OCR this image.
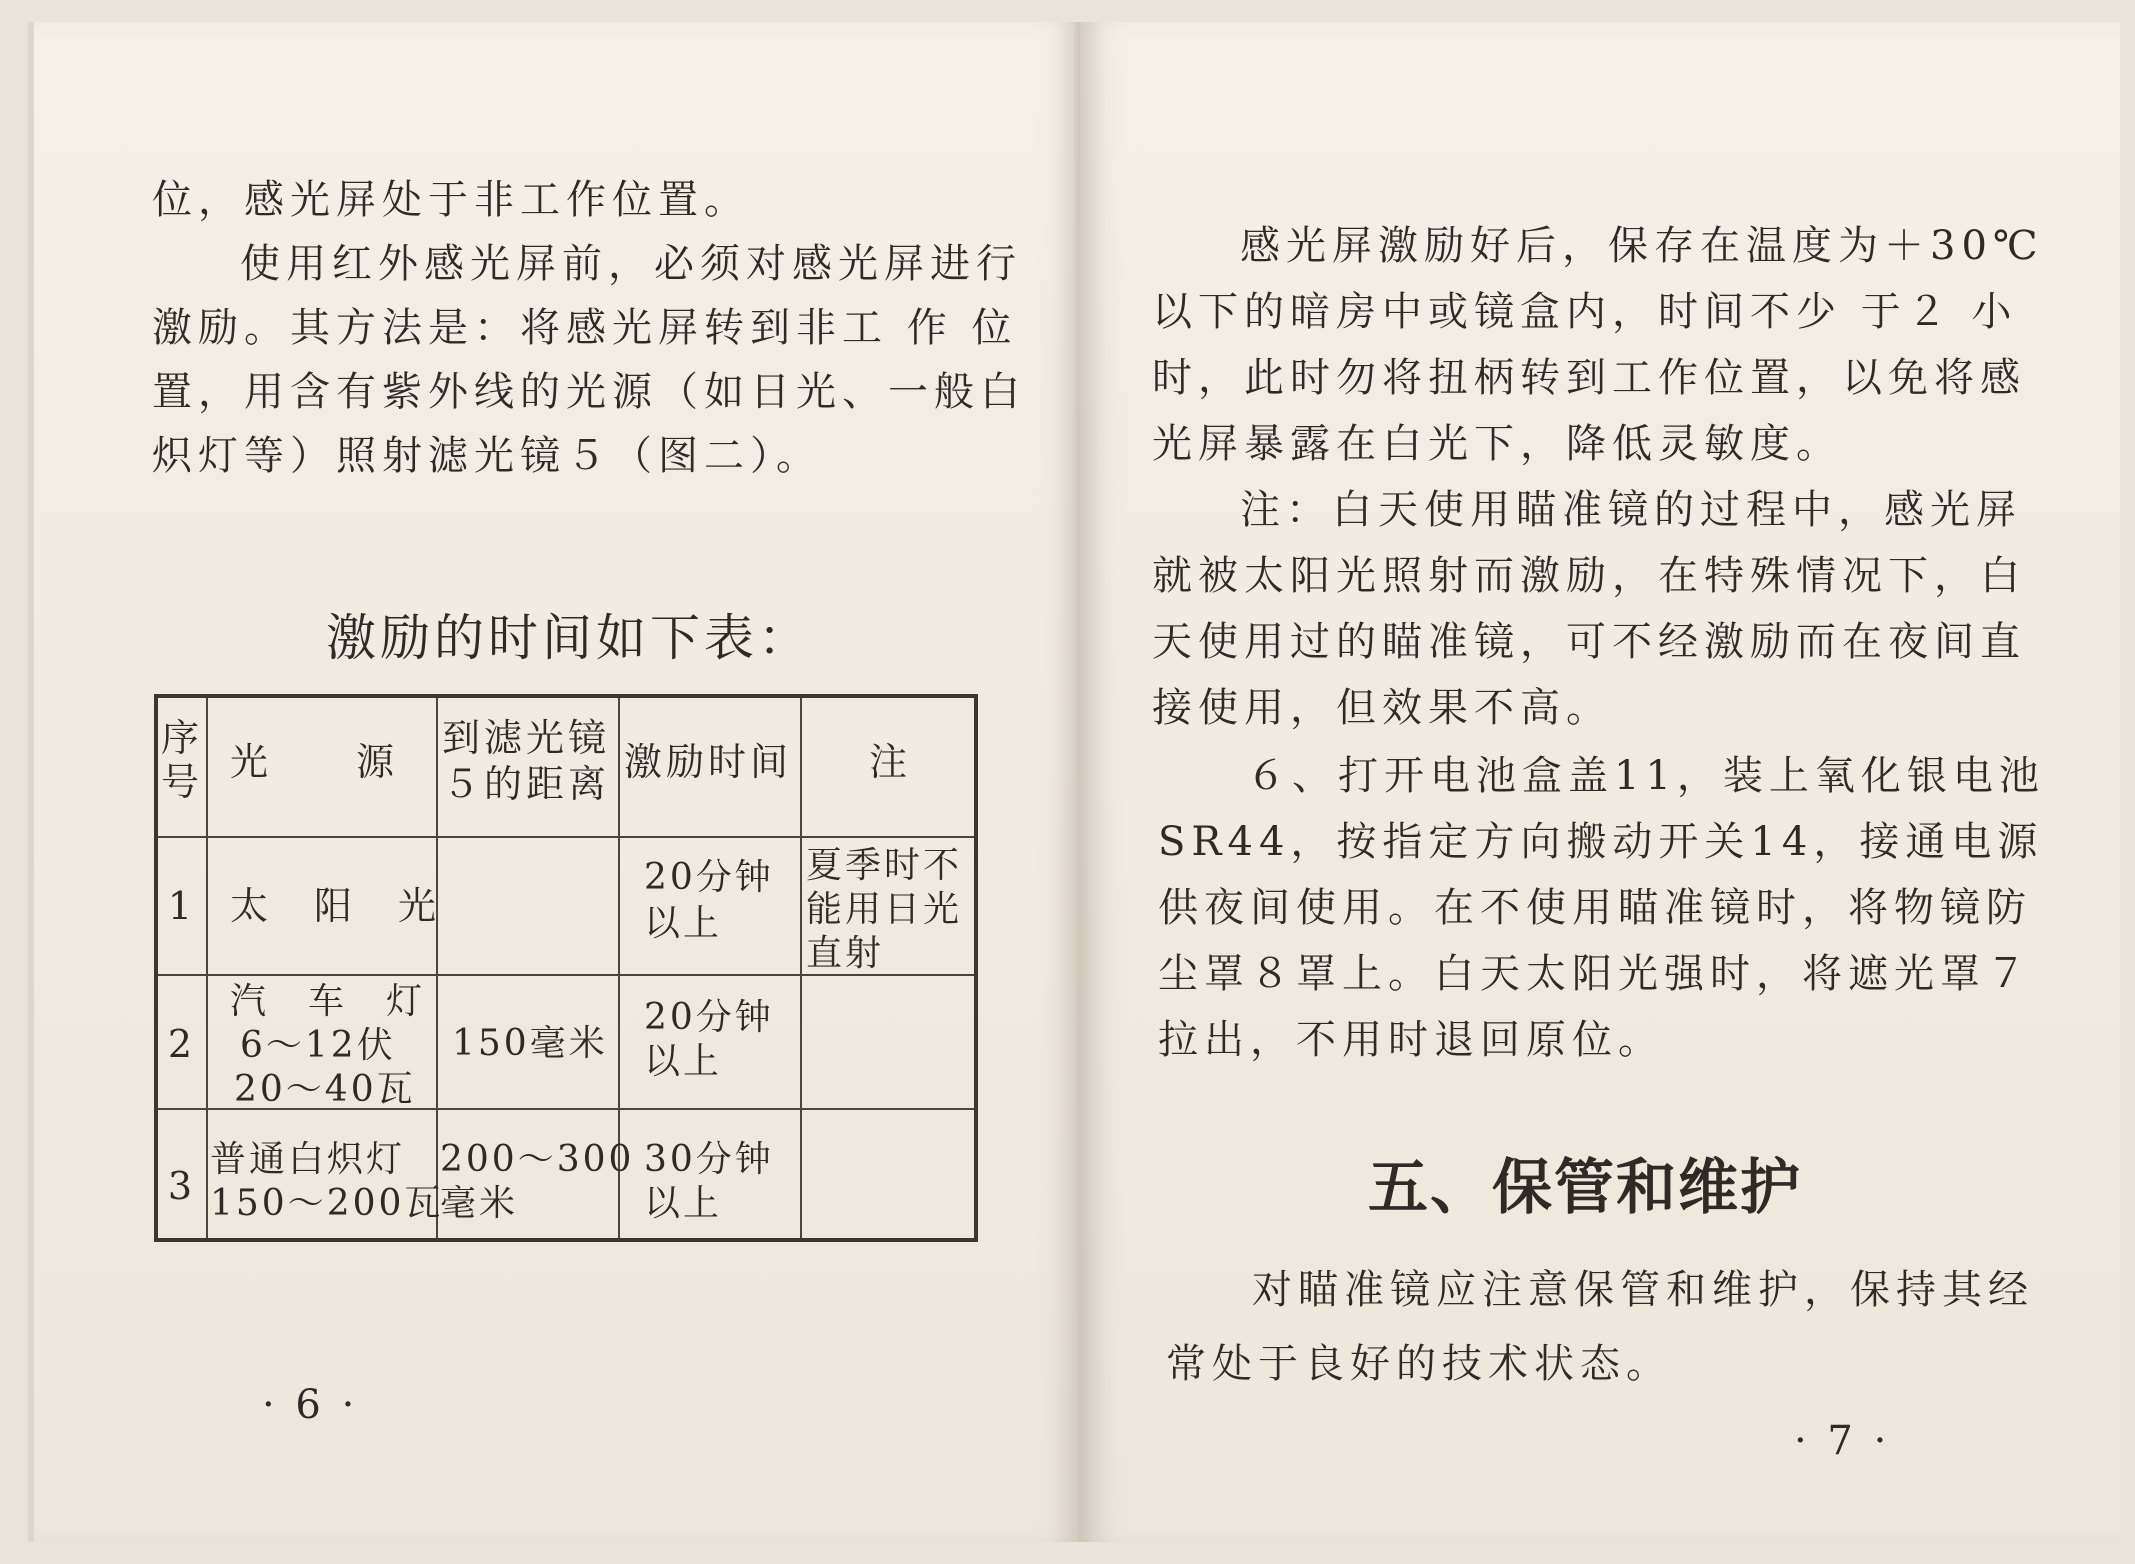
位，感光屏处于非工作位置。
使用红外感光屏前，必须对感光屏进行
激励。其方法是：将感光屏转到非工 作 位
置，用含有紫外线的光源（如日光、一般白
炽灯等）照射滤光镜５（图二）。
激励的时间如下表：
序号 光　　源
到滤光镜
５的距离 激励时间	注
1 太　阳　光
20分钟
以上
夏季时不
能用日光
直射
2
汽　车　灯
6～12伏
20～40瓦
150毫米
20分钟
以上
3
普通白炽灯
150～200瓦
200～300
毫米
30分钟
以上
· 6 ·
感光屏激励好后，保存在温度为＋30℃
以下的暗房中或镜盒内，时间不少 于２ 小
时，此时勿将扭柄转到工作位置，以免将感
光屏暴露在白光下，降低灵敏度。
注：白天使用瞄准镜的过程中，感光屏
就被太阳光照射而激励，在特殊情况下，白
天使用过的瞄准镜，可不经激励而在夜间直
接使用，但效果不高。
６、打开电池盒盖11，装上氧化银电池
SR44，按指定方向搬动开关14，接通电源
供夜间使用。在不使用瞄准镜时，将物镜防
尘罩８罩上。白天太阳光强时，将遮光罩７
拉出，不用时退回原位。
五、保管和维护
对瞄准镜应注意保管和维护，保持其经
常处于良好的技术状态。
· 7 ·
